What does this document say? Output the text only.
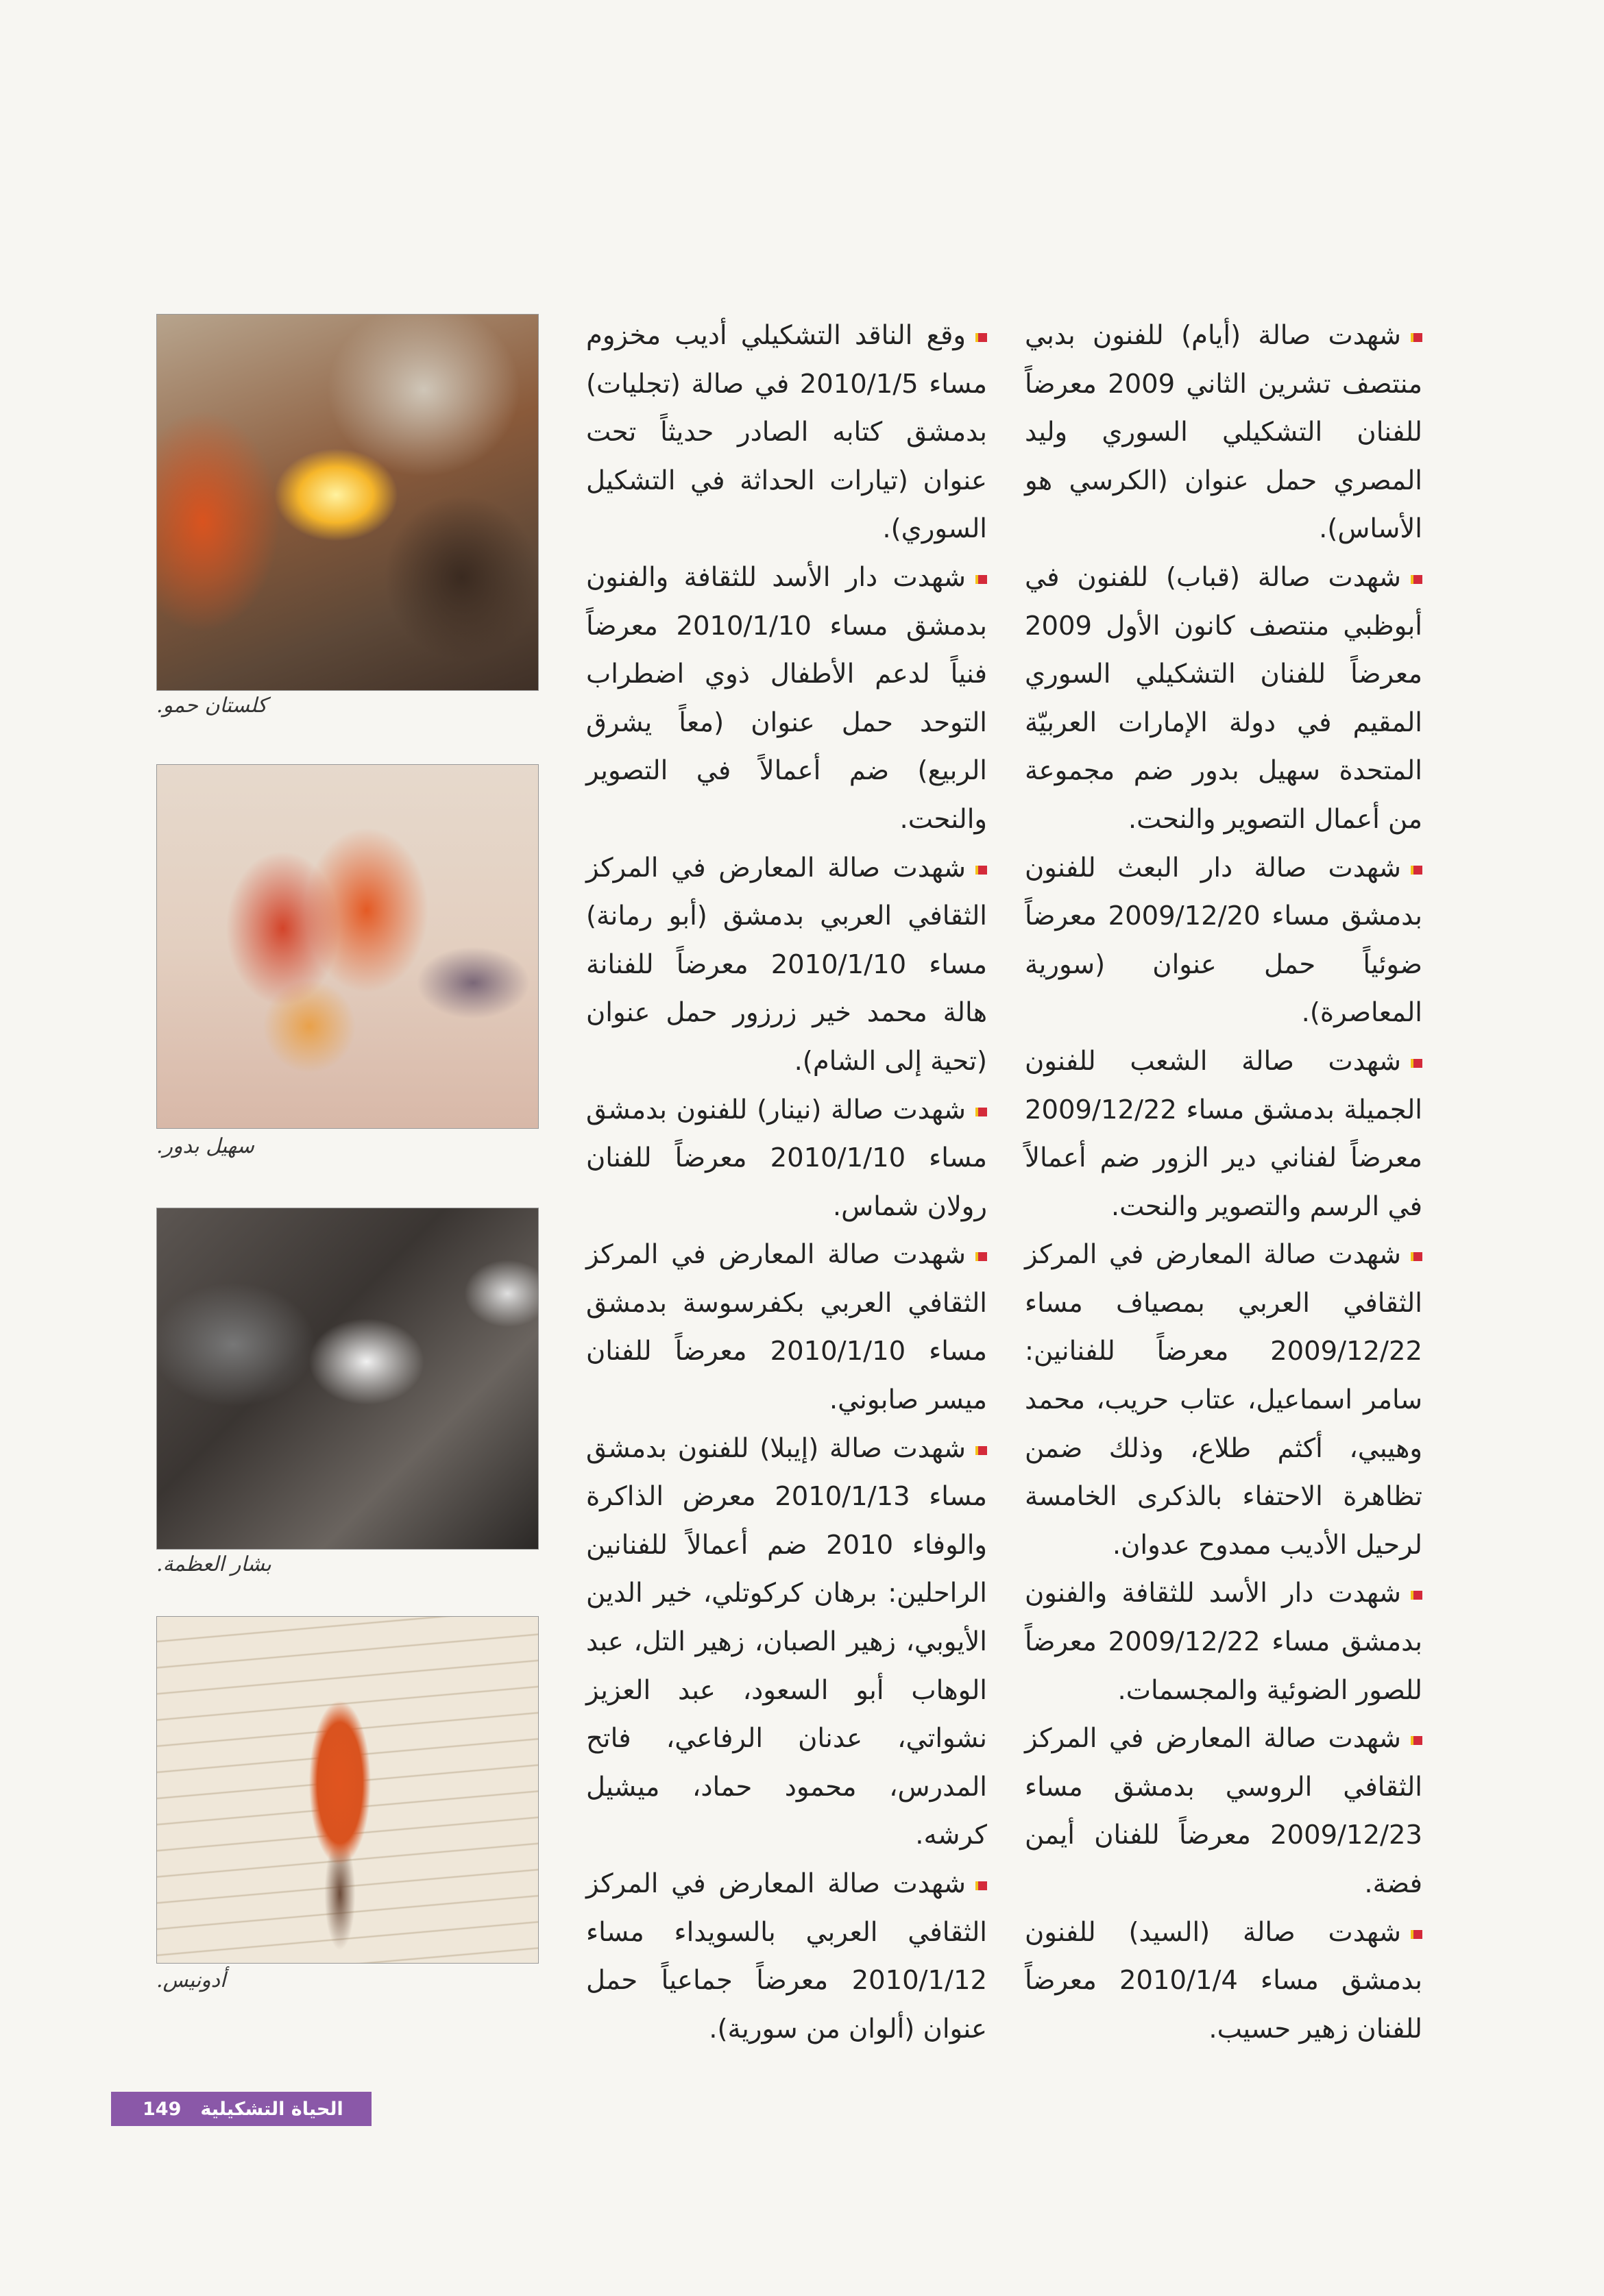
شهدت صالة (أيام) للفنون بدبي منتصف تشرين الثاني 2009 معرضاً للفنان التشكيلي السوري وليد المصري حمل عنوان (الكرسي هو الأساس).

شهدت صالة (قباب) للفنون في أبوظبي منتصف كانون الأول 2009 معرضاً للفنان التشكيلي السوري المقيم في دولة الإمارات العربيّة المتحدة سهيل بدور ضم مجموعة من أعمال التصوير والنحت.

شهدت صالة دار البعث للفنون بدمشق مساء 2009/12/20 معرضاً ضوئياً حمل عنوان (سورية المعاصرة).

شهدت صالة الشعب للفنون الجميلة بدمشق مساء 2009/12/22 معرضاً لفناني دير الزور ضم أعمالاً في الرسم والتصوير والنحت.

شهدت صالة المعارض في المركز الثقافي العربي بمصياف مساء 2009/12/22 معرضاً للفنانين: سامر اسماعيل، عتاب حريب، محمد وهيبي، أكثم طلاع، وذلك ضمن تظاهرة الاحتفاء بالذكرى الخامسة لرحيل الأديب ممدوح عدوان.

شهدت دار الأسد للثقافة والفنون بدمشق مساء 2009/12/22 معرضاً للصور الضوئية والمجسمات.

شهدت صالة المعارض في المركز الثقافي الروسي بدمشق مساء 2009/12/23 معرضاً للفنان أيمن فضة.

شهدت صالة (السيد) للفنون بدمشق مساء 2010/1/4 معرضاً للفنان زهير حسيب.

وقع الناقد التشكيلي أديب مخزوم مساء 2010/1/5 في صالة (تجليات) بدمشق كتابه الصادر حديثاً تحت عنوان (تيارات الحداثة في التشكيل السوري).

شهدت دار الأسد للثقافة والفنون بدمشق مساء 2010/1/10 معرضاً فنياً لدعم الأطفال ذوي اضطراب التوحد حمل عنوان (معاً يشرق الربيع) ضم أعمالاً في التصوير والنحت.

شهدت صالة المعارض في المركز الثقافي العربي بدمشق (أبو رمانة) مساء 2010/1/10 معرضاً للفنانة هالة محمد خير زرزور حمل عنوان (تحية إلى الشام).

شهدت صالة (نينار) للفنون بدمشق مساء 2010/1/10 معرضاً للفنان رولان شماس.

شهدت صالة المعارض في المركز الثقافي العربي بكفرسوسة بدمشق مساء 2010/1/10 معرضاً للفنان ميسر صابوني.

شهدت صالة (إيبلا) للفنون بدمشق مساء 2010/1/13 معرض الذاكرة والوفاء 2010 ضم أعمالاً للفنانين الراحلين: برهان كركوتلي، خير الدين الأيوبي، زهير الصبان، زهير التل، عبد الوهاب أبو السعود، عبد العزيز نشواتي، عدنان الرفاعي، فاتح المدرس، محمود حماد، ميشيل كرشه.

شهدت صالة المعارض في المركز الثقافي العربي بالسويداء مساء 2010/1/12 معرضاً جماعياً حمل عنوان (ألوان من سورية).

كلستان حمو.
سهيل بدور.
بشار العظمة.
أدونيس.
149 الحياة التشكيلية
